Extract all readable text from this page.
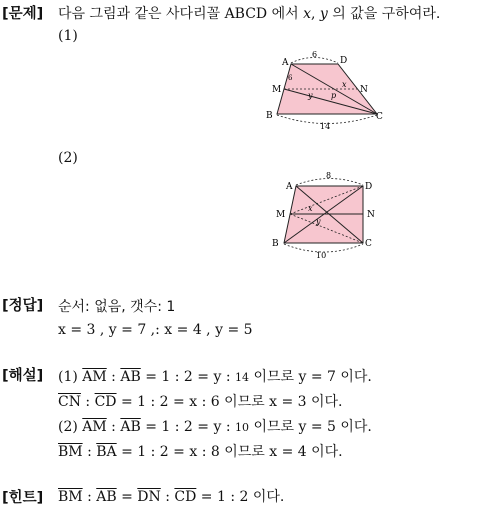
[문제] 다음 그림과 같은 사다리꼴 ABCD 에서 x, y 의 값을 구하여라.
(1)
A	D
M	N
B	C
6
14
6
x
y p
(2)
A	D
M	N
B	C
8
10
x
y
[정답] 순서: 없음, 갯수: 1
x = 3 , y = 7 ,: x = 4 , y = 5
[해설] (1) $\overline{AM}$ : $\overline{AB} = 1$ : 2 = y : 14 이므로 y = 7 이다.
$\overline{CN}$ : $\overline{CD} = 1$ : 2 = x : 6 이므로 x = 3 이다.
(2) $\overline{AM}$ : $\overline{AB} = 1$ : 2 = y : 10 이므로 y = 5 이다.
$\overline{BM}$ : $\overline{BA} = 1$ : 2 = x : 8 이므로 x = 4 이다.
[힌트] $\overline{BM}$ : $\overline{AB} = \overline{DN}$ : $\overline{CD} = 1$ : 2 이다.
